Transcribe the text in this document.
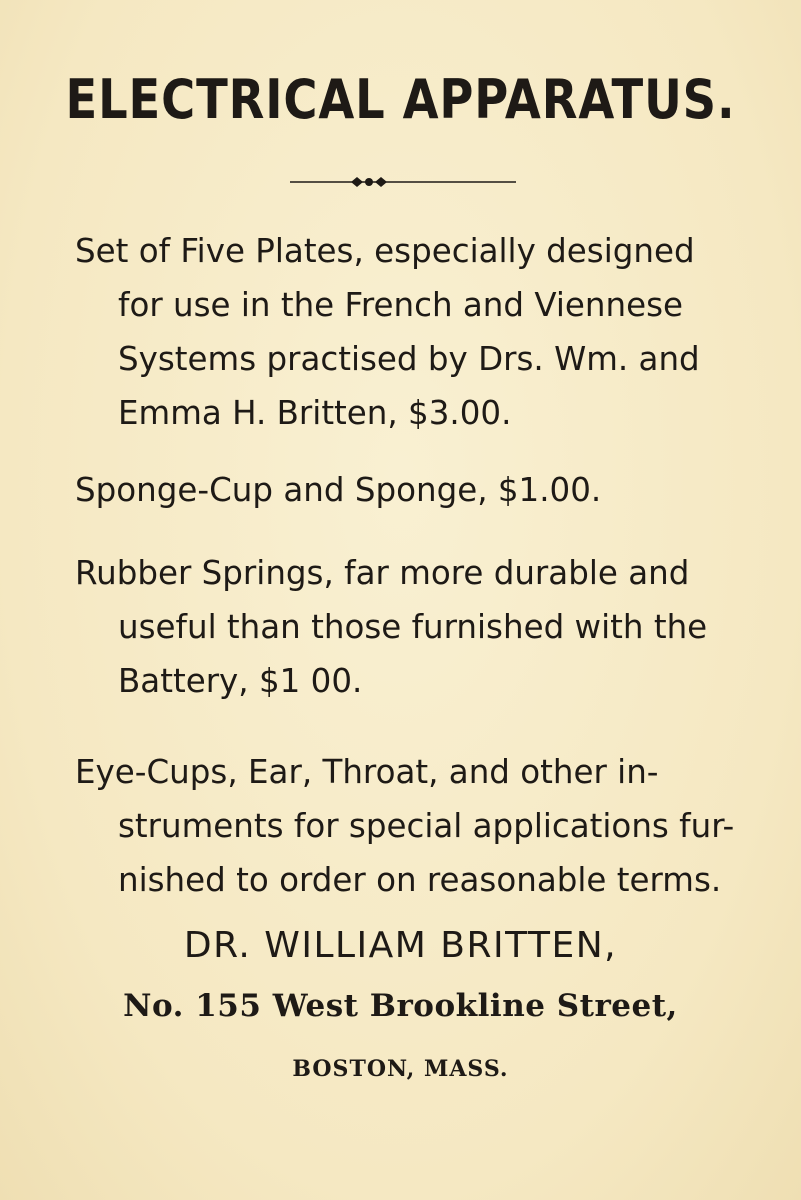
ELECTRICAL APPARATUS.
Set of Five Plates, especially designed
for use in the French and Viennese
Systems practised by Drs. Wm. and
Emma H. Britten, $3.00.
Sponge-Cup and Sponge, $1.00.
Rubber Springs, far more durable and
useful than those furnished with the
Battery, $1 00.
Eye-Cups, Ear, Throat, and other in-
struments for special applications fur-
nished to order on reasonable terms.
DR. WILLIAM BRITTEN,
No. 155 West Brookline Street,
BOSTON, MASS.
